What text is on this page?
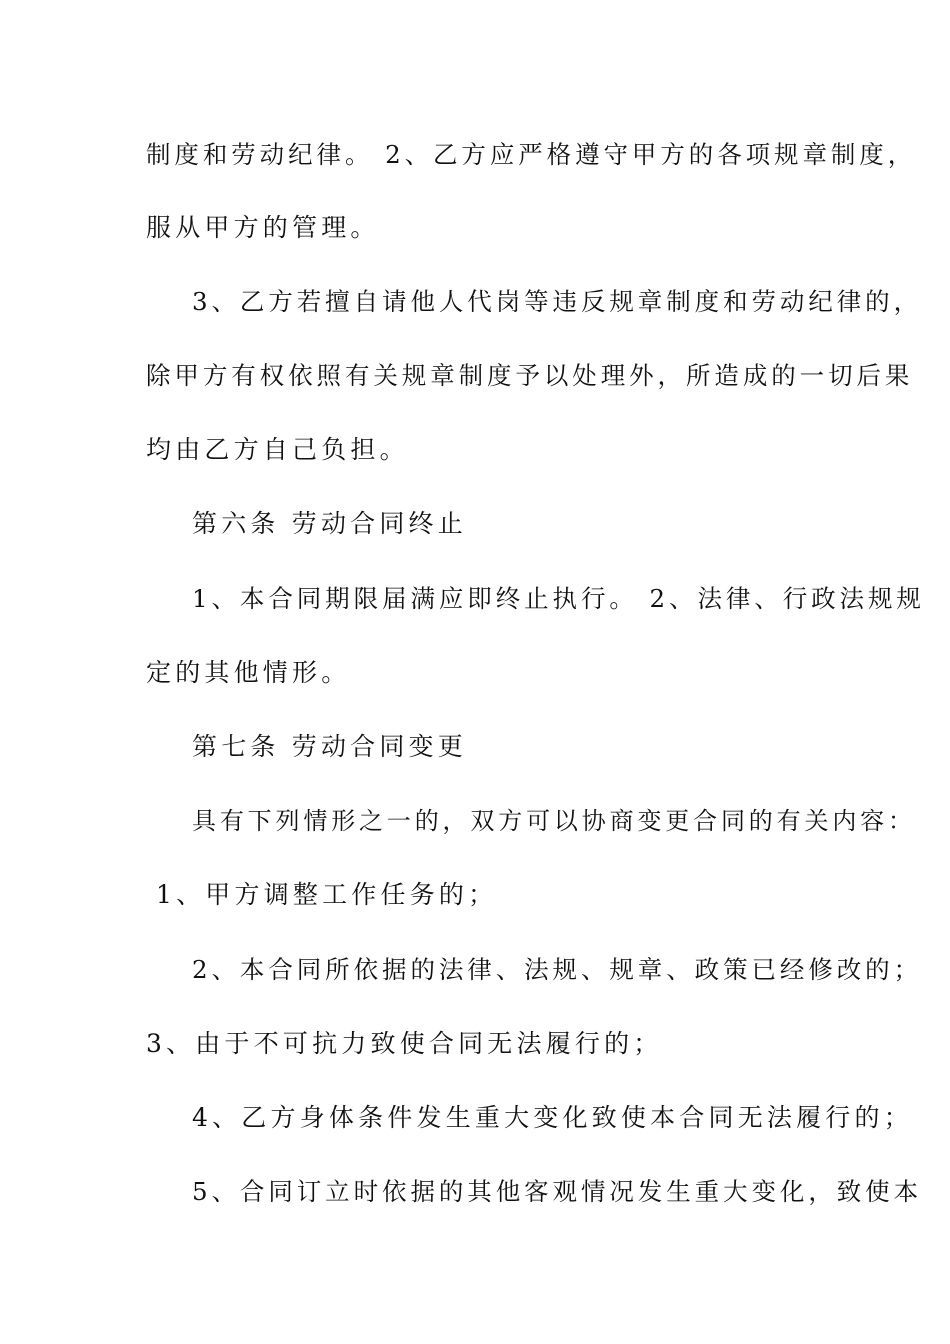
制度和劳动纪律。 2、乙方应严格遵守甲方的各项规章制度，
服从甲方的管理。
3、乙方若擅自请他人代岗等违反规章制度和劳动纪律的，
除甲方有权依照有关规章制度予以处理外，所造成的一切后果
均由乙方自己负担。
第六条 劳动合同终止
1、本合同期限届满应即终止执行。 2、法律、行政法规规
定的其他情形。
第七条 劳动合同变更
具有下列情形之一的，双方可以协商变更合同的有关内容：
1、甲方调整工作任务的；
2、本合同所依据的法律、法规、规章、政策已经修改的；
3、由于不可抗力致使合同无法履行的；
4、乙方身体条件发生重大变化致使本合同无法履行的；
5、合同订立时依据的其他客观情况发生重大变化，致使本
